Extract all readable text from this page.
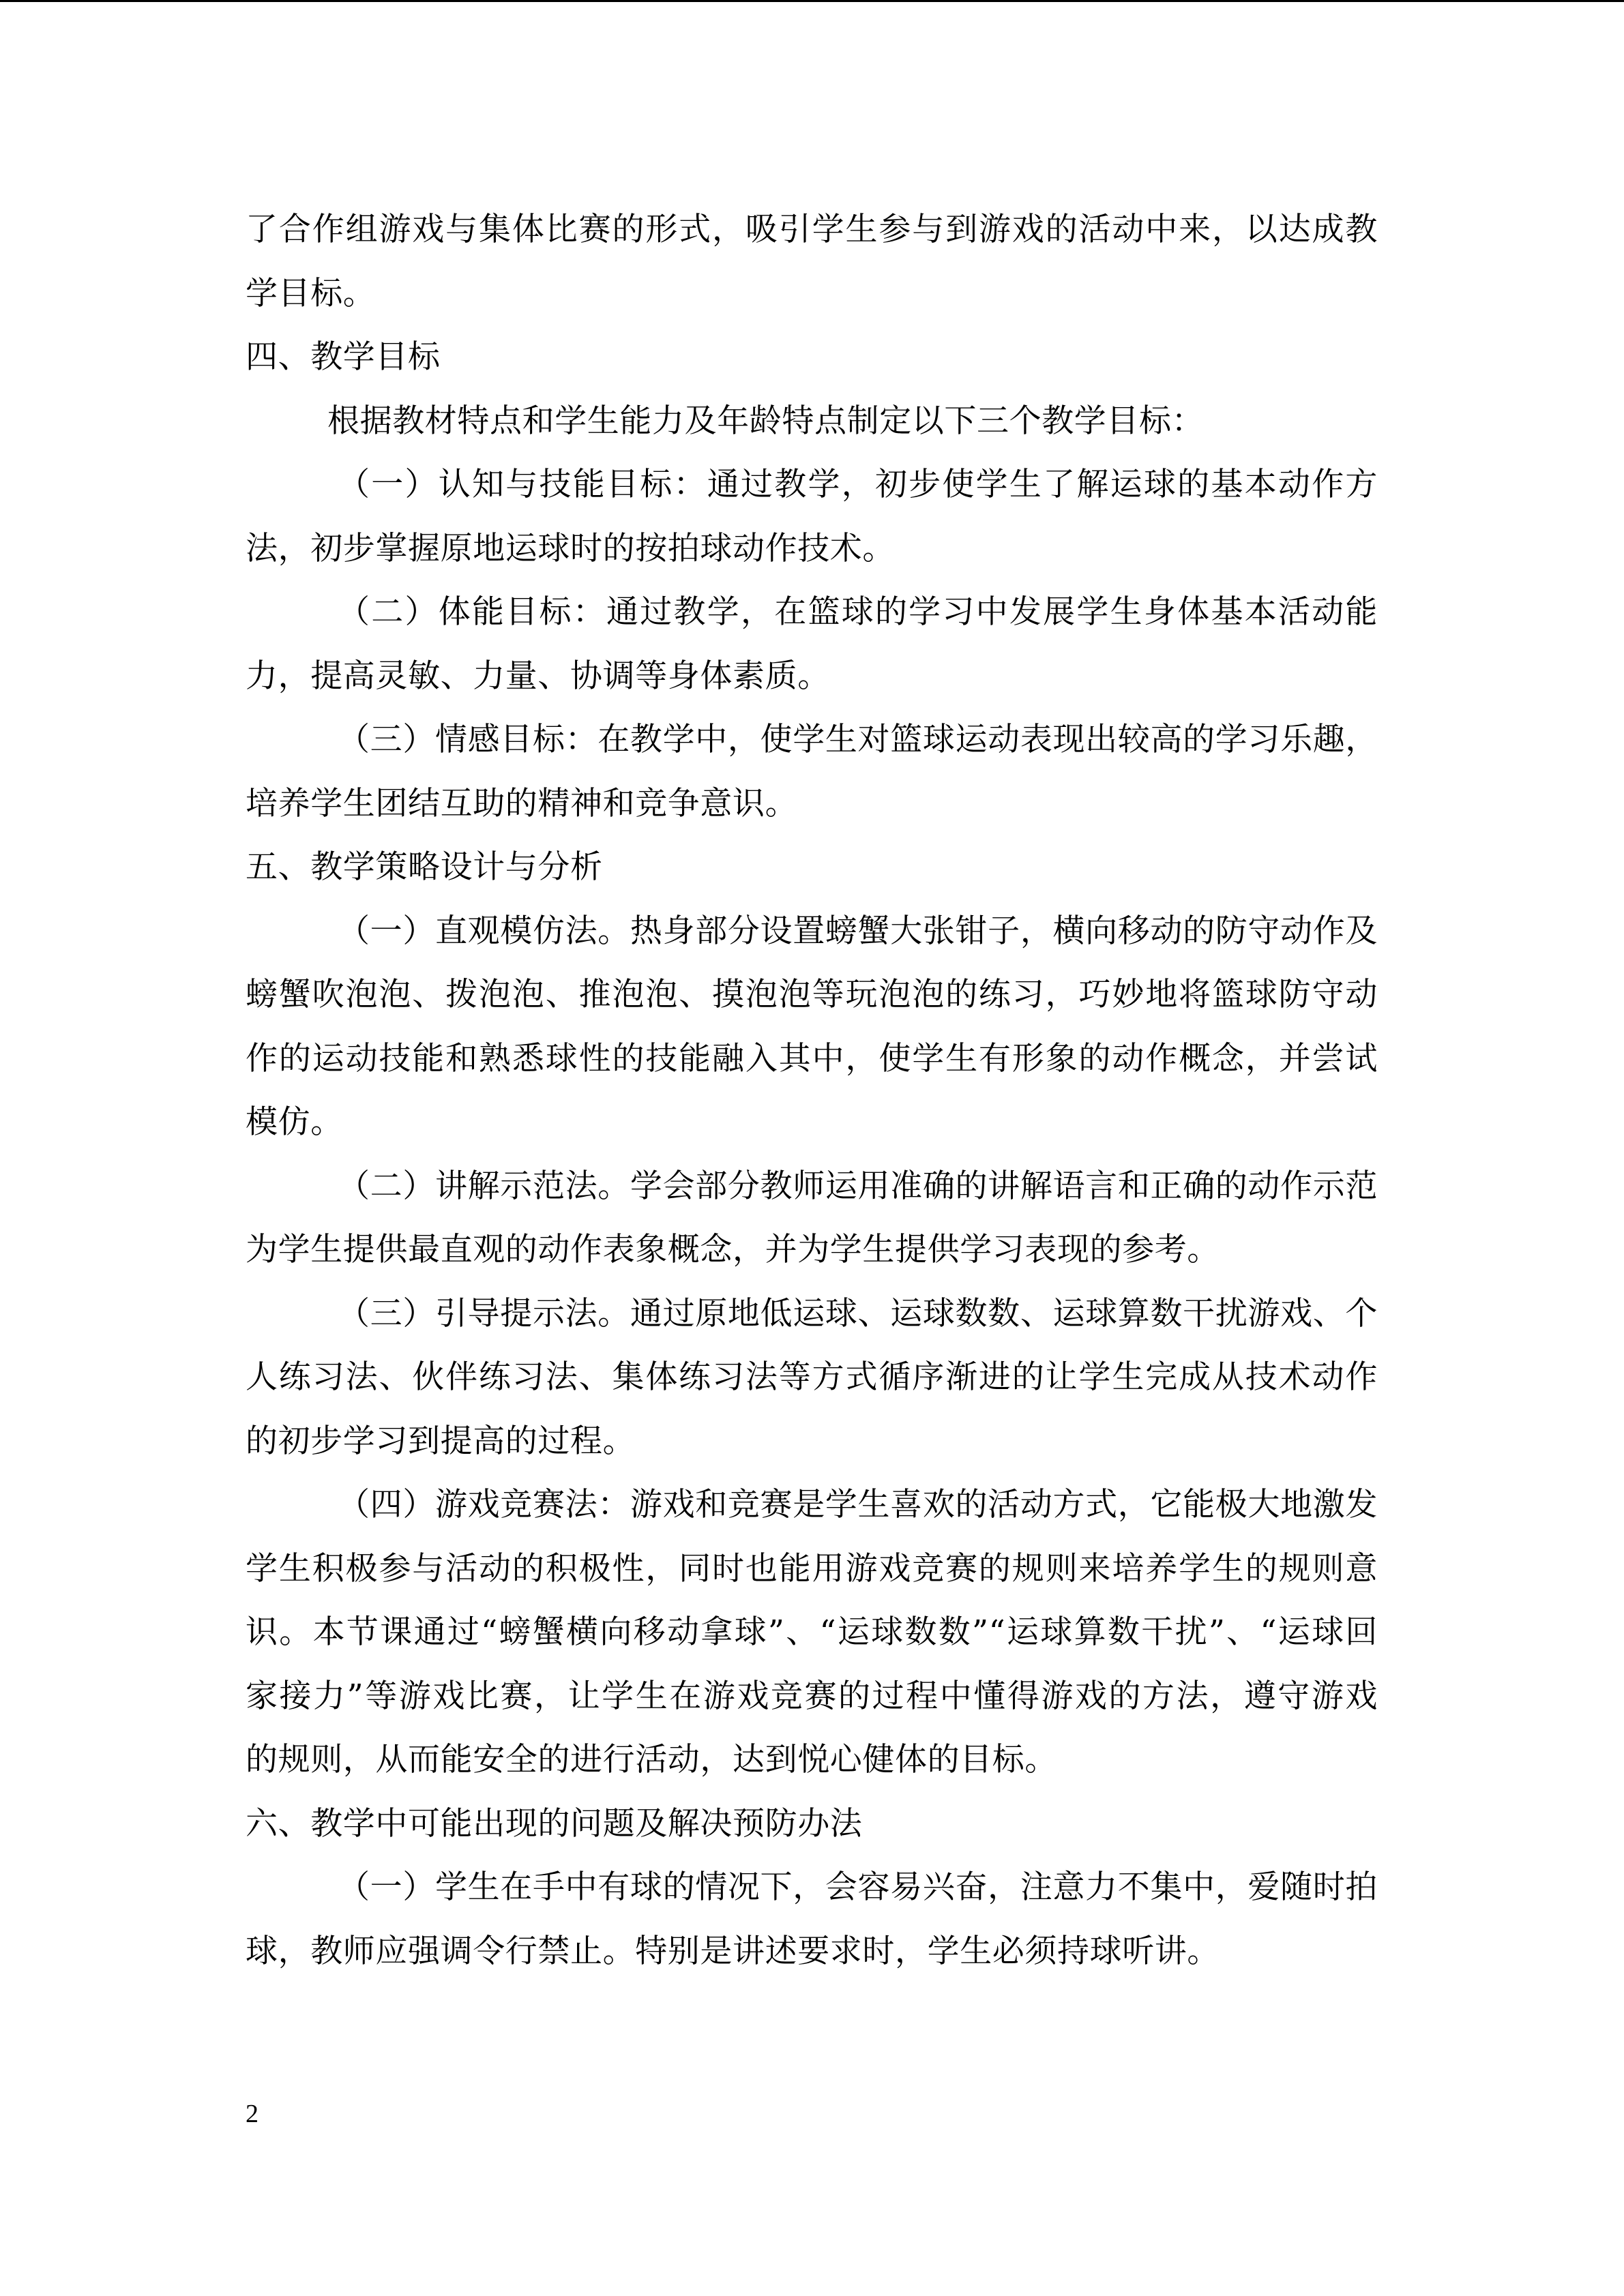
了合作组游戏与集体比赛的形式，吸引学生参与到游戏的活动中来，以达成教
学目标。
四、教学目标
根据教材特点和学生能力及年龄特点制定以下三个教学目标：
（一）认知与技能目标：通过教学，初步使学生了解运球的基本动作方
法，初步掌握原地运球时的按拍球动作技术。
（二）体能目标：通过教学，在篮球的学习中发展学生身体基本活动能
力，提高灵敏、力量、协调等身体素质。
（三）情感目标：在教学中，使学生对篮球运动表现出较高的学习乐趣，
培养学生团结互助的精神和竞争意识。
五、教学策略设计与分析
（一）直观模仿法。热身部分设置螃蟹大张钳子，横向移动的防守动作及
螃蟹吹泡泡、拨泡泡、推泡泡、摸泡泡等玩泡泡的练习，巧妙地将篮球防守动
作的运动技能和熟悉球性的技能融入其中，使学生有形象的动作概念，并尝试
模仿。
（二）讲解示范法。学会部分教师运用准确的讲解语言和正确的动作示范
为学生提供最直观的动作表象概念，并为学生提供学习表现的参考。
（三）引导提示法。通过原地低运球、运球数数、运球算数干扰游戏、个
人练习法、伙伴练习法、集体练习法等方式循序渐进的让学生完成从技术动作
的初步学习到提高的过程。
（四）游戏竞赛法：游戏和竞赛是学生喜欢的活动方式，它能极大地激发
学生积极参与活动的积极性，同时也能用游戏竞赛的规则来培养学生的规则意
识。本节课通过“螃蟹横向移动拿球”、“运球数数”“运球算数干扰”、“运球回
家接力”等游戏比赛，让学生在游戏竞赛的过程中懂得游戏的方法，遵守游戏
的规则，从而能安全的进行活动，达到悦心健体的目标。
六、教学中可能出现的问题及解决预防办法
（一）学生在手中有球的情况下，会容易兴奋，注意力不集中，爱随时拍
球，教师应强调令行禁止。特别是讲述要求时，学生必须持球听讲。
2
